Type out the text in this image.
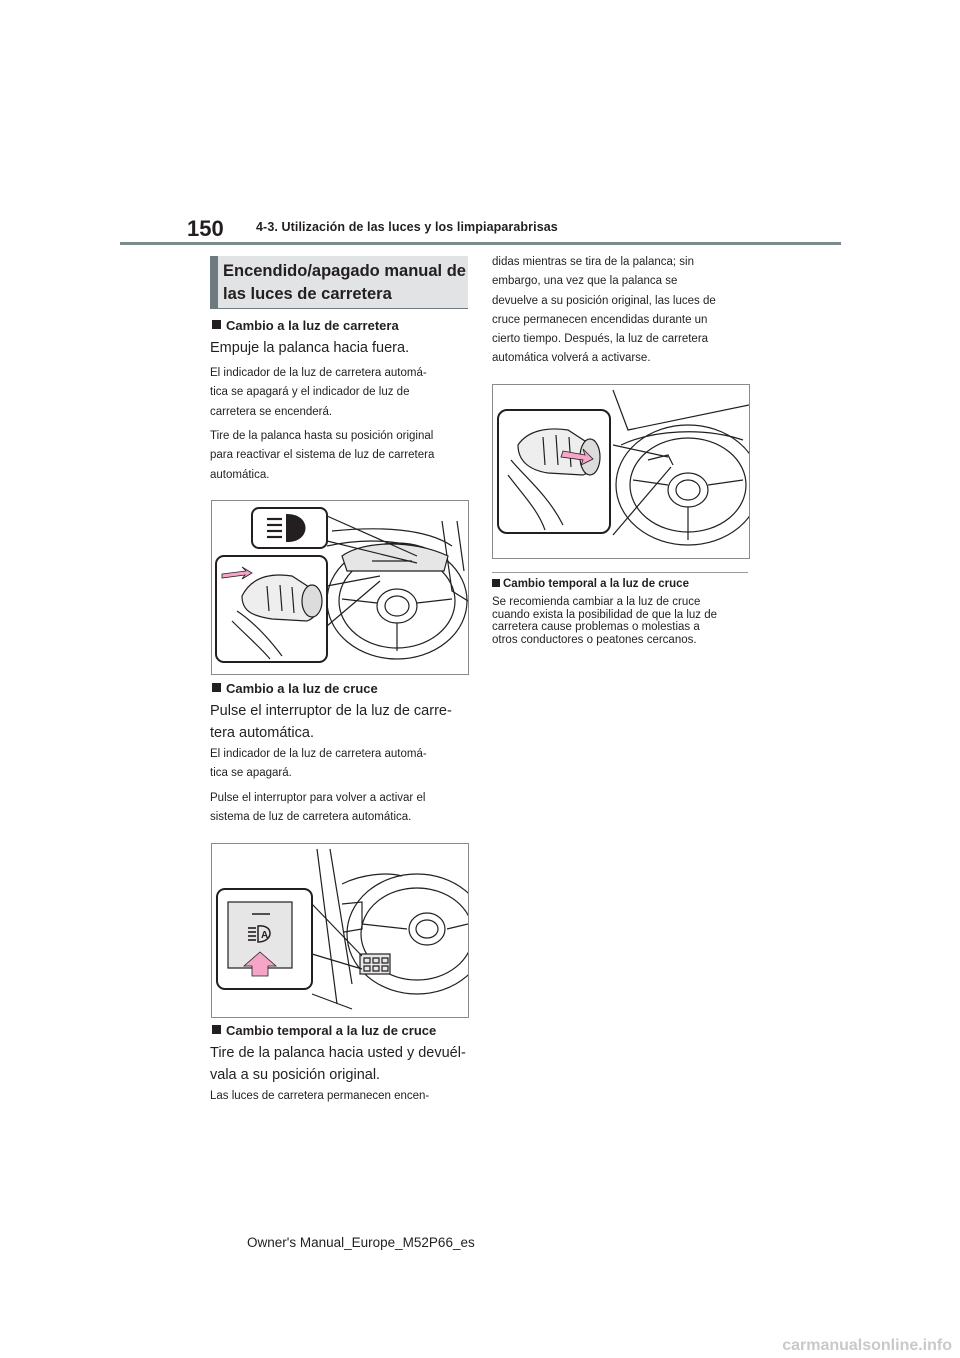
150	4-3. Utilización de las luces y los limpiaparabrisas
Encendido/apagado manual de
las luces de carretera
Cambio a la luz de carretera
Empuje la palanca hacia fuera.
El indicador de la luz de carretera automá-
tica se apagará y el indicador de luz de
carretera se encenderá.
Tire de la palanca hasta su posición original
para reactivar el sistema de luz de carretera
automática.
Cambio a la luz de cruce
Pulse el interruptor de la luz de carre-
tera automática.
El indicador de la luz de carretera automá-
tica se apagará.
Pulse el interruptor para volver a activar el
sistema de luz de carretera automática.
A
Cambio temporal a la luz de cruce
Tire de la palanca hacia usted y devuél-
vala a su posición original.
Las luces de carretera permanecen encen-
didas mientras se tira de la palanca; sin
embargo, una vez que la palanca se
devuelve a su posición original, las luces de
cruce permanecen encendidas durante un
cierto tiempo. Después, la luz de carretera
automática volverá a activarse.
Cambio temporal a la luz de cruce
Se recomienda cambiar a la luz de cruce
cuando exista la posibilidad de que la luz de
carretera cause problemas o molestias a
otros conductores o peatones cercanos.
Owner's Manual_Europe_M52P66_es
carmanualsonline.info
